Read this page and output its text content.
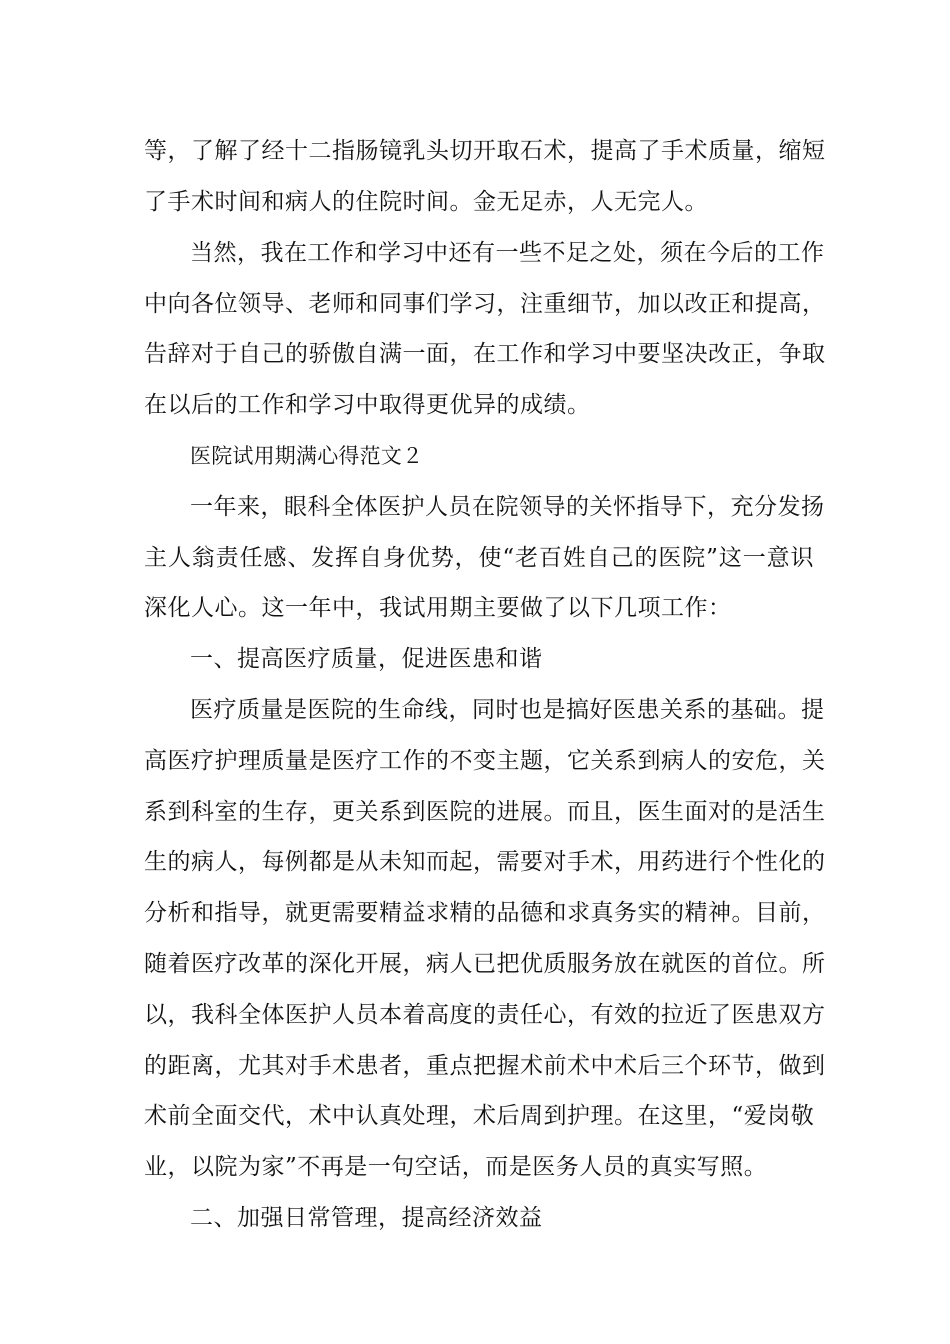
等，了解了经十二指肠镜乳头切开取石术，提高了手术质量，缩短
了手术时间和病人的住院时间。金无足赤，人无完人。
当然，我在工作和学习中还有一些不足之处，须在今后的工作
中向各位领导、老师和同事们学习，注重细节，加以改正和提高，
告辞对于自己的骄傲自满一面，在工作和学习中要坚决改正，争取
在以后的工作和学习中取得更优异的成绩。
医院试用期满心得范文２
一年来，眼科全体医护人员在院领导的关怀指导下，充分发扬
主人翁责任感、发挥自身优势，使“老百姓自己的医院”这一意识
深化人心。这一年中，我试用期主要做了以下几项工作：
一、提高医疗质量，促进医患和谐
医疗质量是医院的生命线，同时也是搞好医患关系的基础。提
高医疗护理质量是医疗工作的不变主题，它关系到病人的安危，关
系到科室的生存，更关系到医院的进展。而且，医生面对的是活生
生的病人，每例都是从未知而起，需要对手术，用药进行个性化的
分析和指导，就更需要精益求精的品德和求真务实的精神。目前，
随着医疗改革的深化开展，病人已把优质服务放在就医的首位。所
以，我科全体医护人员本着高度的责任心，有效的拉近了医患双方
的距离，尤其对手术患者，重点把握术前术中术后三个环节，做到
术前全面交代，术中认真处理，术后周到护理。在这里，“爱岗敬
业，以院为家”不再是一句空话，而是医务人员的真实写照。
二、加强日常管理，提高经济效益
